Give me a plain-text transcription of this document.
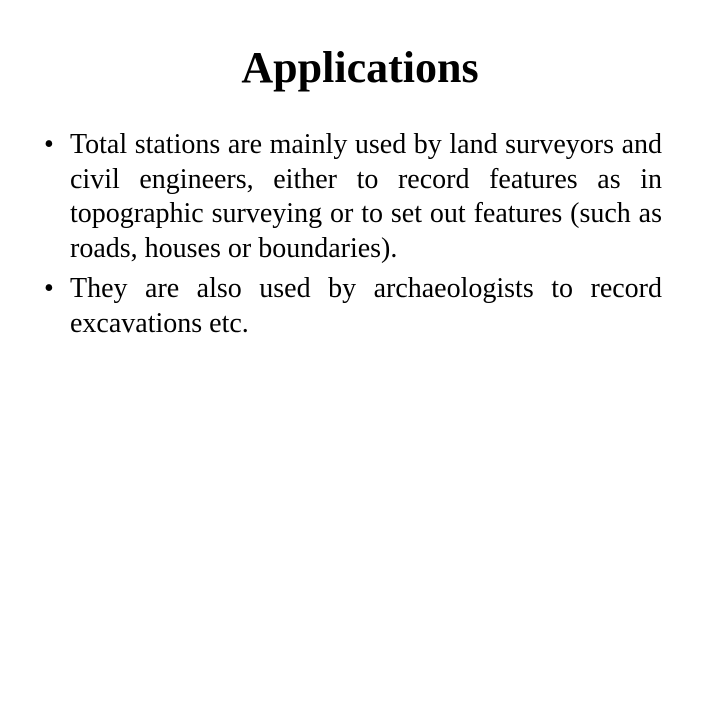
Applications
• Total stations are mainly used by land surveyors and civil engineers, either to record features as in topographic surveying or to set out features (such as roads, houses or boundaries).
• They are also used by archaeologists to record excavations etc.
